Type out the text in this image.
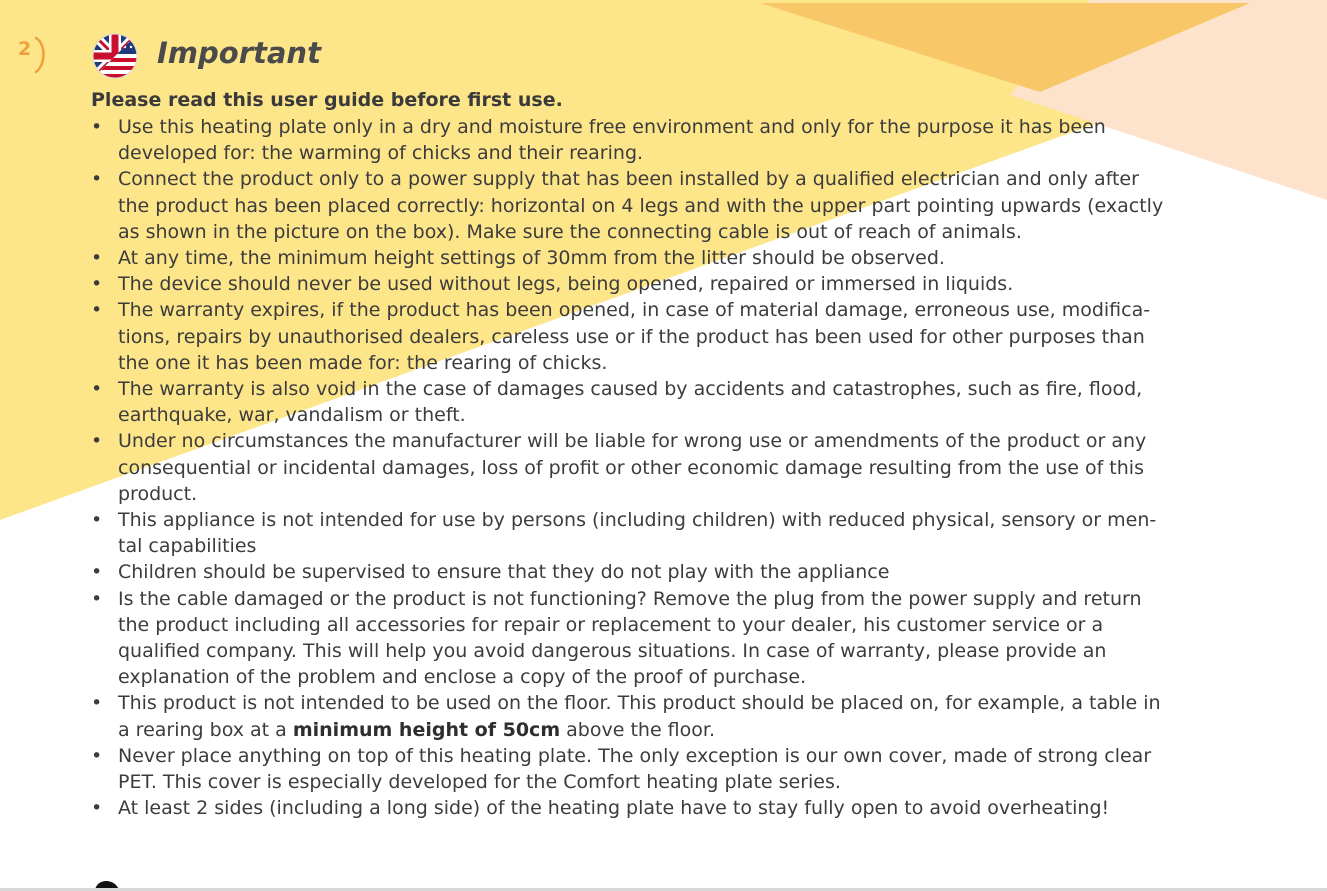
2	Important
Please read this user guide before first use.
• Use this heating plate only in a dry and moisture free environment and only for the purpose it has been developed for: the warming of chicks and their rearing.
• Connect the product only to a power supply that has been installed by a qualified electrician and only after the product has been placed correctly: horizontal on 4 legs and with the upper part pointing upwards (exactly as shown in the picture on the box). Make sure the connecting cable is out of reach of animals.
• At any time, the minimum height settings of 30mm from the litter should be observed.
• The device should never be used without legs, being opened, repaired or immersed in liquids.
• The warranty expires, if the product has been opened, in case of material damage, erroneous use, modifica-tions, repairs by unauthorised dealers, careless use or if the product has been used for other purposes than the one it has been made for: the rearing of chicks.
• The warranty is also void in the case of damages caused by accidents and catastrophes, such as fire, flood, earthquake, war, vandalism or theft.
• Under no circumstances the manufacturer will be liable for wrong use or amendments of the product or any consequential or incidental damages, loss of profit or other economic damage resulting from the use of this product.
• This appliance is not intended for use by persons (including children) with reduced physical, sensory or men-tal capabilities
• Children should be supervised to ensure that they do not play with the appliance
• Is the cable damaged or the product is not functioning? Remove the plug from the power supply and return the product including all accessories for repair or replacement to your dealer, his customer service or a qualified company. This will help you avoid dangerous situations. In case of warranty, please provide an explanation of the problem and enclose a copy of the proof of purchase.
• This product is not intended to be used on the floor. This product should be placed on, for example, a table in a rearing box at a minimum height of 50cm above the floor.
• Never place anything on top of this heating plate. The only exception is our own cover, made of strong clear PET. This cover is especially developed for the Comfort heating plate series.
• At least 2 sides (including a long side) of the heating plate have to stay fully open to avoid overheating!
